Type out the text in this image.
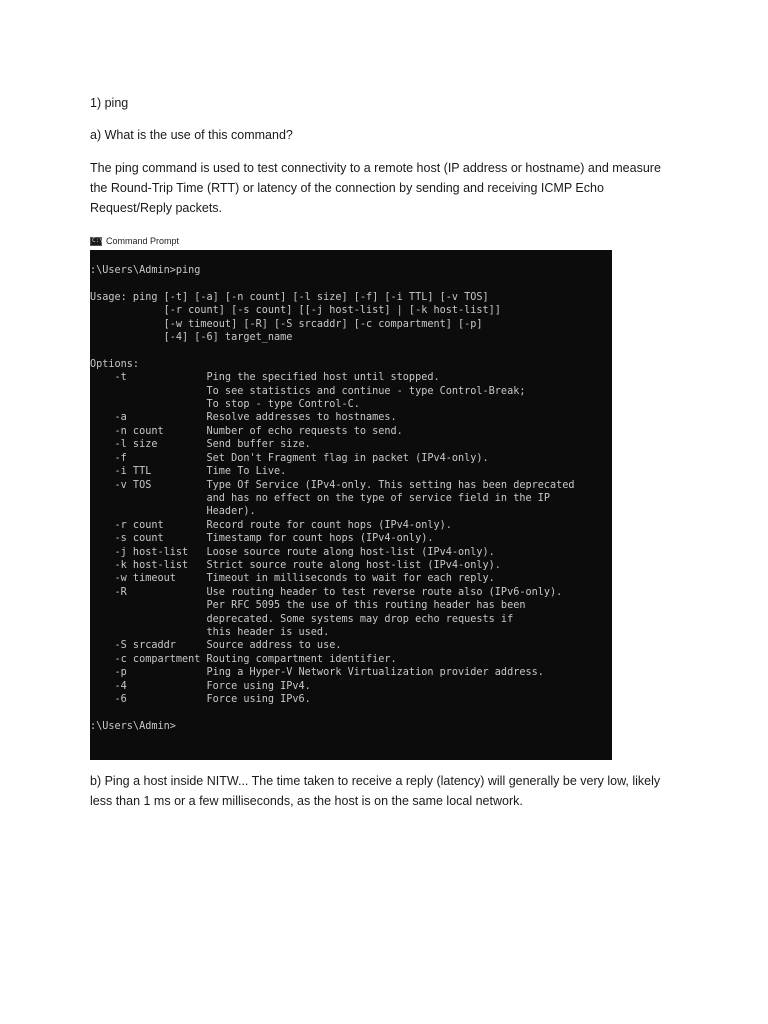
1) ping

a) What is the use of this command?

The ping command is used to test connectivity to a remote host (IP address or hostname) and measure the Round-Trip Time (RTT) or latency of the connection by sending and receiving ICMP Echo Request/Reply packets.

C:\ Command Prompt
:\Users\Admin>ping

Usage: ping [-t] [-a] [-n count] [-l size] [-f] [-i TTL] [-v TOS]
[-r count] [-s count] [[-j host-list] | [-k host-list]]
[-w timeout] [-R] [-S srcaddr] [-c compartment] [-p]
[-4] [-6] target_name

Options:
-t             Ping the specified host until stopped.
To see statistics and continue - type Control-Break;
To stop - type Control-C.
-a             Resolve addresses to hostnames.
-n count       Number of echo requests to send.
-l size        Send buffer size.
-f             Set Don't Fragment flag in packet (IPv4-only).
-i TTL         Time To Live.
-v TOS         Type Of Service (IPv4-only. This setting has been deprecated
and has no effect on the type of service field in the IP
Header).
-r count       Record route for count hops (IPv4-only).
-s count       Timestamp for count hops (IPv4-only).
-j host-list   Loose source route along host-list (IPv4-only).
-k host-list   Strict source route along host-list (IPv4-only).
-w timeout     Timeout in milliseconds to wait for each reply.
-R             Use routing header to test reverse route also (IPv6-only).
Per RFC 5095 the use of this routing header has been
deprecated. Some systems may drop echo requests if
this header is used.
-S srcaddr     Source address to use.
-c compartment Routing compartment identifier.
-p             Ping a Hyper-V Network Virtualization provider address.
-4             Force using IPv4.
-6             Force using IPv6.

:\Users\Admin>

b) Ping a host inside NITW... The time taken to receive a reply (latency) will generally be very low, likely less than 1 ms or a few milliseconds, as the host is on the same local network.
